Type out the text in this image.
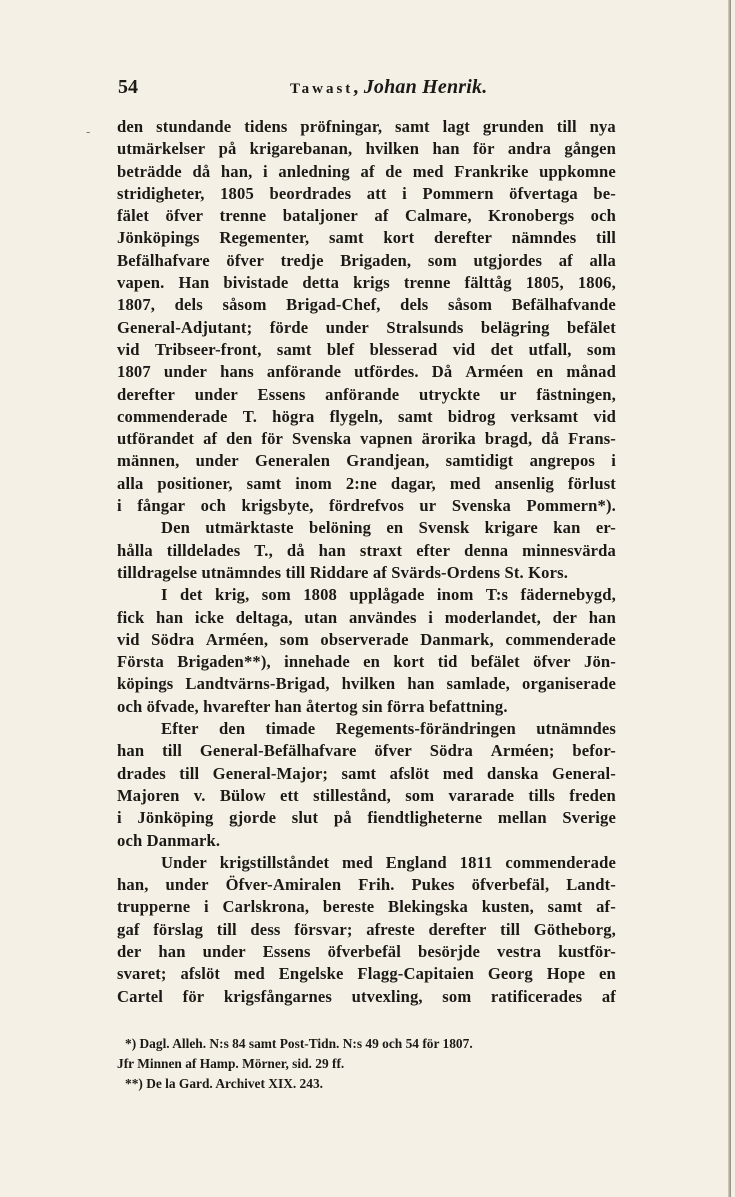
-
54	Tawast, Johan Henrik.
den stundande tidens pröfningar, samt lagt grunden till nya
utmärkelser på krigarebanan, hvilken han för andra gången
beträdde då han, i anledning af de med Frankrike uppkomne
stridigheter, 1805 beordrades att i Pommern öfvertaga be-
fälet öfver trenne bataljoner af Calmare, Kronobergs och
Jönköpings Regementer, samt kort derefter nämndes till
Befälhafvare öfver tredje Brigaden, som utgjordes af alla
vapen. Han bivistade detta krigs trenne fälttåg 1805, 1806,
1807, dels såsom Brigad-Chef, dels såsom Befälhafvande
General-Adjutant; förde under Stralsunds belägring befälet
vid Tribseer-front, samt blef blesserad vid det utfall, som
1807 under hans anförande utfördes. Då Arméen en månad
derefter under Essens anförande utryckte ur fästningen,
commenderade T. högra flygeln, samt bidrog verksamt vid
utförandet af den för Svenska vapnen ärorika bragd, då Frans-
männen, under Generalen Grandjean, samtidigt angrepos i
alla positioner, samt inom 2:ne dagar, med ansenlig förlust
i fångar och krigsbyte, fördrefvos ur Svenska Pommern*).
Den utmärktaste belöning en Svensk krigare kan er-
hålla tilldelades T., då han straxt efter denna minnesvärda
tilldragelse utnämndes till Riddare af Svärds-Ordens St. Kors.
I det krig, som 1808 upplågade inom T:s fädernebygd,
fick han icke deltaga, utan användes i moderlandet, der han
vid Södra Arméen, som observerade Danmark, commenderade
Första Brigaden**), innehade en kort tid befälet öfver Jön-
köpings Landtvärns-Brigad, hvilken han samlade, organiserade
och öfvade, hvarefter han återtog sin förra befattning.
Efter den timade Regements-förändringen utnämndes
han till General-Befälhafvare öfver Södra Arméen; befor-
drades till General-Major; samt afslöt med danska General-
Majoren v. Bülow ett stillestånd, som vararade tills freden
i Jönköping gjorde slut på fiendtligheterne mellan Sverige
och Danmark.
Under krigstillståndet med England 1811 commenderade
han, under Öfver-Amiralen Frih. Pukes öfverbefäl, Landt-
trupperne i Carlskrona, bereste Blekingska kusten, samt af-
gaf förslag till dess försvar; afreste derefter till Götheborg,
der han under Essens öfverbefäl besörjde vestra kustför-
svaret; afslöt med Engelske Flagg-Capitaien Georg Hope en
Cartel för krigsfångarnes utvexling, som ratificerades af
*) Dagl. Alleh. N:s 84 samt Post-Tidn. N:s 49 och 54 för 1807.
Jfr Minnen af Hamp. Mörner, sid. 29 ff.
**) De la Gard. Archivet XIX. 243.
